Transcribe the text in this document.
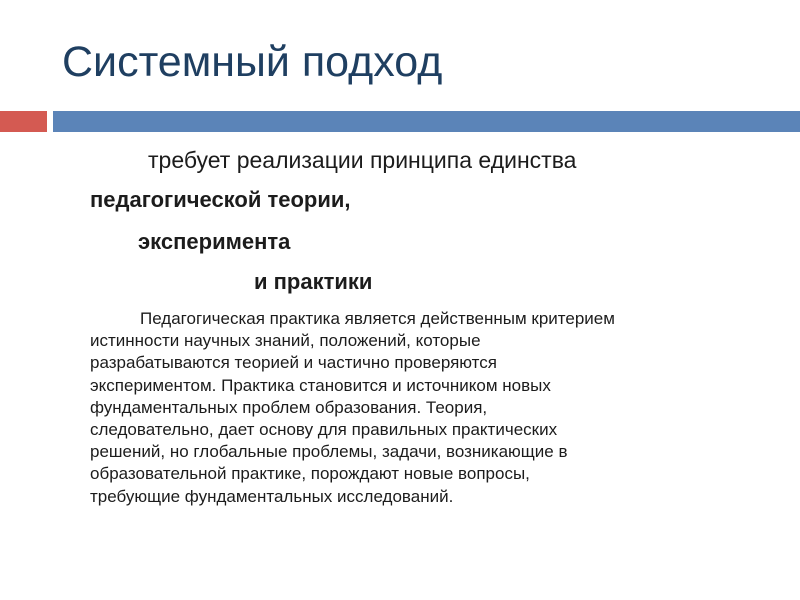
Системный подход

требует реализации принципа единства

педагогической теории,

эксперимента

и практики

Педагогическая практика является действенным критерием
истинности научных знаний, положений, которые
разрабатываются теорией и частично проверяются
экспериментом. Практика становится и источником новых
фундаментальных проблем образования. Теория,
следовательно, дает основу для правильных практических
решений, но глобальные проблемы, задачи, возникающие в
образовательной практике, порождают новые вопросы,
требующие фундаментальных исследований.
